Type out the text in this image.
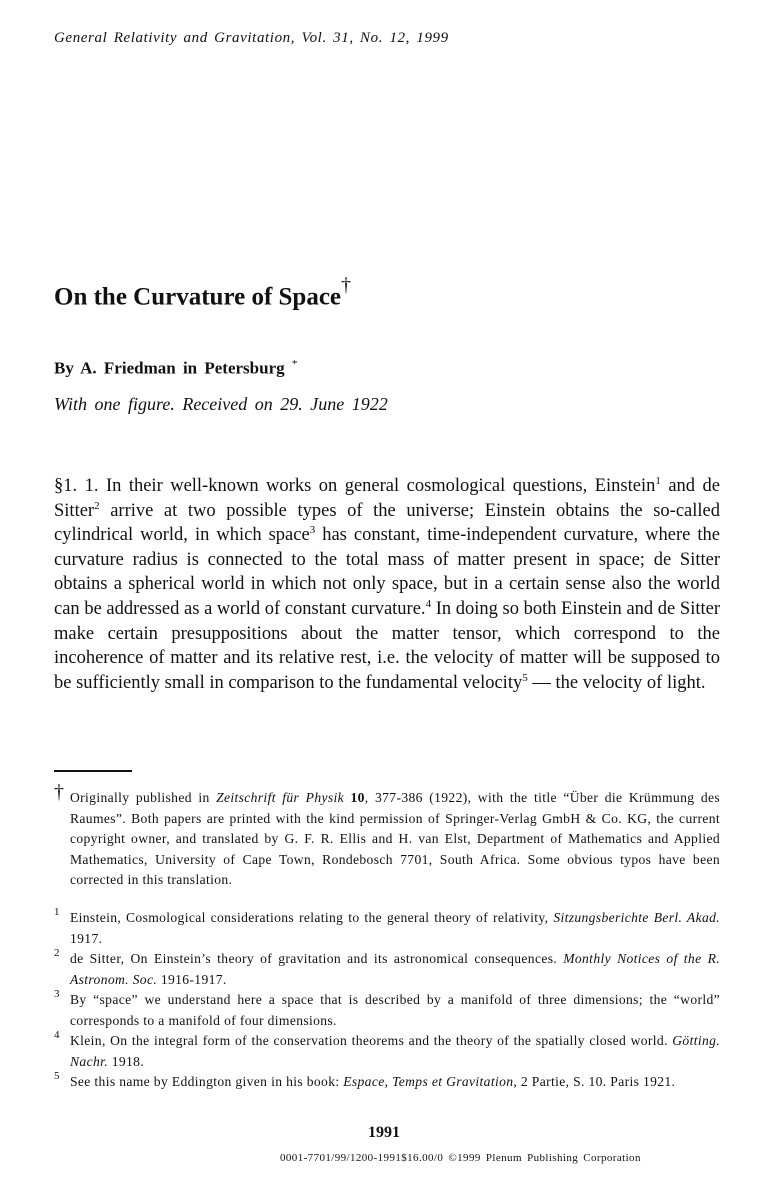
General Relativity and Gravitation, Vol. 31, No. 12, 1999
On the Curvature of Space†
By A. Friedman in Petersburg *
With one figure. Received on 29. June 1922
§1. 1. In their well-known works on general cosmological questions, Einstein$^1$ and de Sitter$^2$ arrive at two possible types of the universe; Einstein obtains the so-called cylindrical world, in which space$^3$ has constant, time-independent curvature, where the curvature radius is connected to the total mass of matter present in space; de Sitter obtains a spherical world in which not only space, but in a certain sense also the world can be addressed as a world of constant curvature.$^4$ In doing so both Einstein and de Sitter make certain presuppositions about the matter tensor, which correspond to the incoherence of matter and its relative rest, i.e. the velocity of matter will be supposed to be sufficiently small in comparison to the fundamental velocity$^5$ — the velocity of light.
† Originally published in Zeitschrift für Physik 10, 377-386 (1922), with the title “Über die Krümmung des Raumes”. Both papers are printed with the kind permission of Springer-Verlag GmbH & Co. KG, the current copyright owner, and translated by G. F. R. Ellis and H. van Elst, Department of Mathematics and Applied Mathematics, University of Cape Town, Rondebosch 7701, South Africa. Some obvious typos have been corrected in this translation.
1 Einstein, Cosmological considerations relating to the general theory of relativity, Sitzungsberichte Berl. Akad. 1917.
2 de Sitter, On Einstein’s theory of gravitation and its astronomical consequences. Monthly Notices of the R. Astronom. Soc. 1916-1917.
3 By “space” we understand here a space that is described by a manifold of three dimensions; the “world” corresponds to a manifold of four dimensions.
4 Klein, On the integral form of the conservation theorems and the theory of the spatially closed world. Götting. Nachr. 1918.
5 See this name by Eddington given in his book: Espace, Temps et Gravitation, 2 Partie, S. 10. Paris 1921.
1991
0001-7701/99/1200-1991$16.00/0 ©1999 Plenum Publishing Corporation
